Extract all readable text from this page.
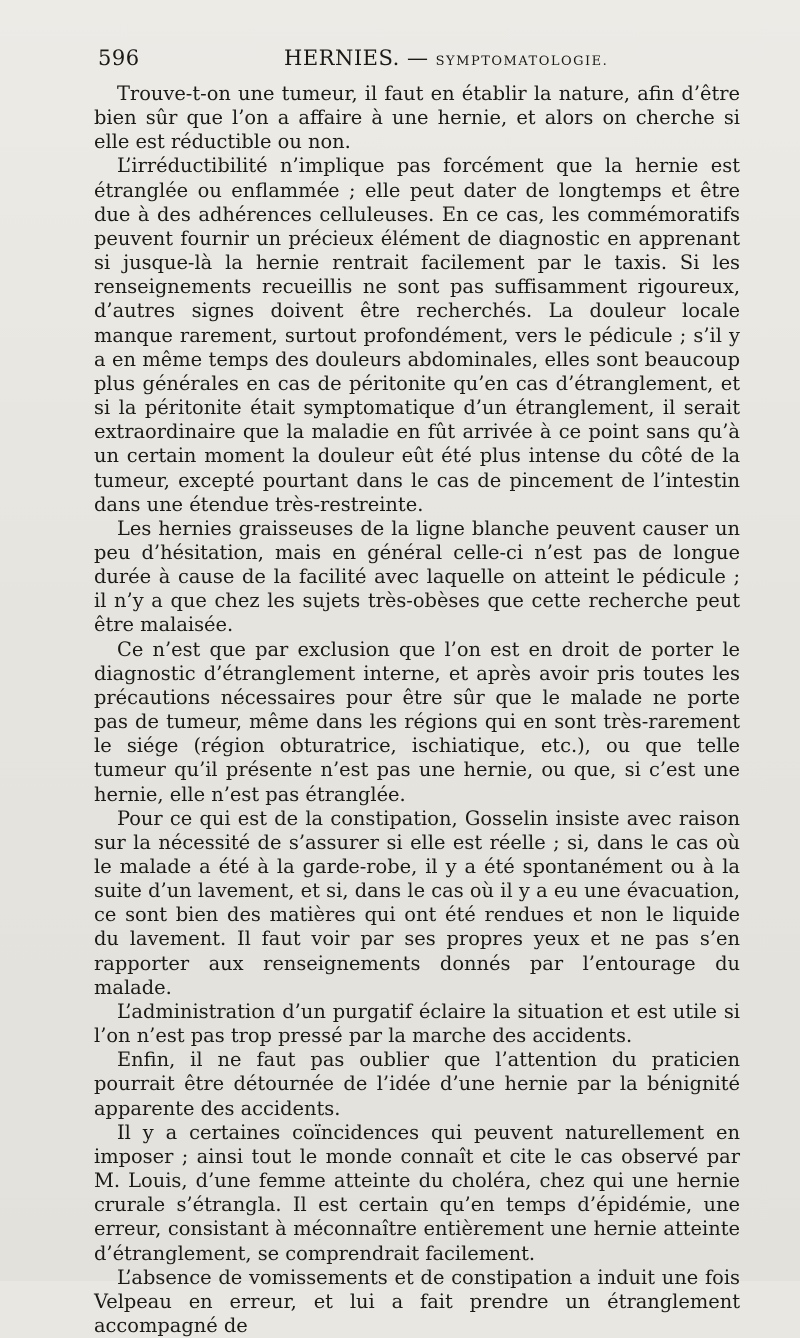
596	HERNIES. — SYMPTOMATOLOGIE.

Trouve-t-on une tumeur, il faut en établir la nature, afin d’être bien sûr que l’on a affaire à une hernie, et alors on cherche si elle est réductible ou non.

L’irréductibilité n’implique pas forcément que la hernie est étranglée ou enflammée ; elle peut dater de longtemps et être due à des adhérences celluleuses. En ce cas, les commémoratifs peuvent fournir un précieux élément de diagnostic en apprenant si jusque-là la hernie rentrait facilement par le taxis. Si les renseignements recueillis ne sont pas suffisamment rigoureux, d’autres signes doivent être recherchés. La douleur locale manque rarement, surtout profondément, vers le pédicule ; s’il y a en même temps des douleurs abdominales, elles sont beaucoup plus générales en cas de péritonite qu’en cas d’étranglement, et si la péritonite était symptomatique d’un étranglement, il serait extraordinaire que la maladie en fût arrivée à ce point sans qu’à un certain moment la douleur eût été plus intense du côté de la tumeur, excepté pourtant dans le cas de pincement de l’intestin dans une étendue très-restreinte.

Les hernies graisseuses de la ligne blanche peuvent causer un peu d’hésitation, mais en général celle-ci n’est pas de longue durée à cause de la facilité avec laquelle on atteint le pédicule ; il n’y a que chez les sujets très-obèses que cette recherche peut être malaisée.

Ce n’est que par exclusion que l’on est en droit de porter le diagnostic d’étranglement interne, et après avoir pris toutes les précautions nécessaires pour être sûr que le malade ne porte pas de tumeur, même dans les régions qui en sont très-rarement le siége (région obturatrice, ischiatique, etc.), ou que telle tumeur qu’il présente n’est pas une hernie, ou que, si c’est une hernie, elle n’est pas étranglée.

Pour ce qui est de la constipation, Gosselin insiste avec raison sur la nécessité de s’assurer si elle est réelle ; si, dans le cas où le malade a été à la garde-robe, il y a été spontanément ou à la suite d’un lavement, et si, dans le cas où il y a eu une évacuation, ce sont bien des matières qui ont été rendues et non le liquide du lavement. Il faut voir par ses propres yeux et ne pas s’en rapporter aux renseignements donnés par l’entourage du malade.

L’administration d’un purgatif éclaire la situation et est utile si l’on n’est pas trop pressé par la marche des accidents.

Enfin, il ne faut pas oublier que l’attention du praticien pourrait être détournée de l’idée d’une hernie par la bénignité apparente des accidents.

Il y a certaines coïncidences qui peuvent naturellement en imposer ; ainsi tout le monde connaît et cite le cas observé par M. Louis, d’une femme atteinte du choléra, chez qui une hernie crurale s’étrangla. Il est certain qu’en temps d’épidémie, une erreur, consistant à méconnaître entièrement une hernie atteinte d’étranglement, se comprendrait facilement.

L’absence de vomissements et de constipation a induit une fois Velpeau en erreur, et lui a fait prendre un étranglement accompagné de
